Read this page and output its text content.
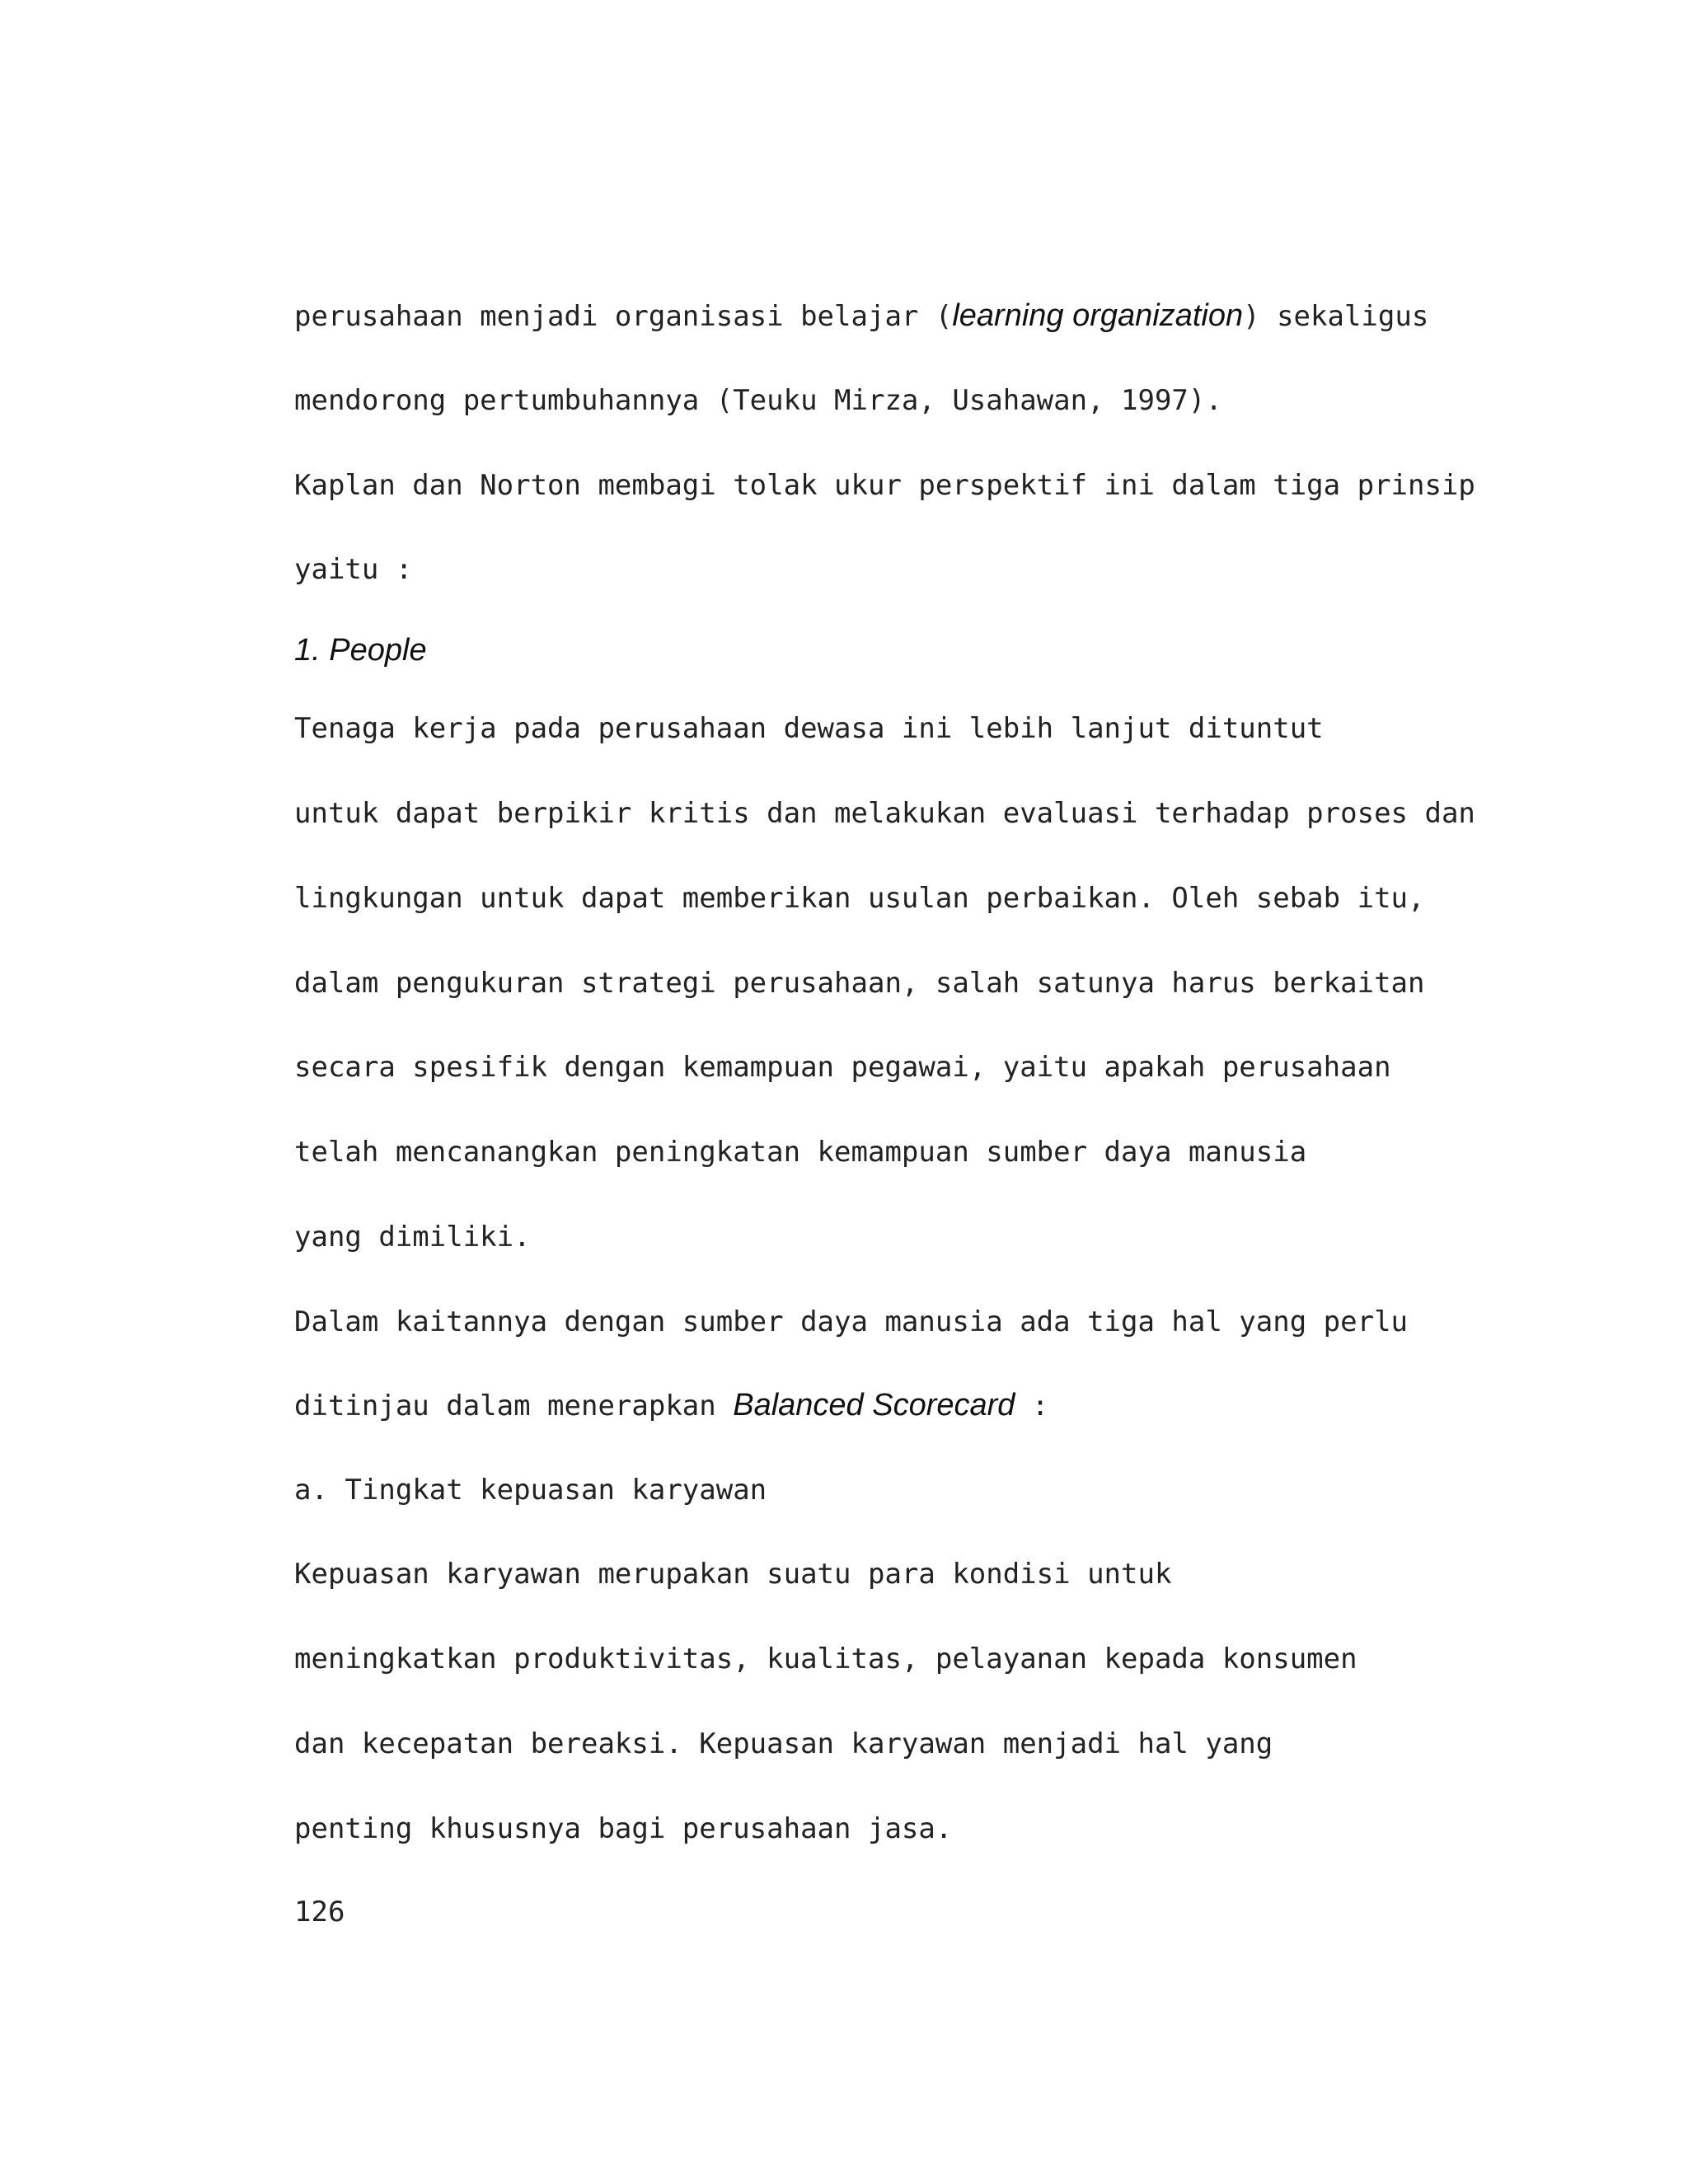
perusahaan menjadi organisasi belajar (learning organization) sekaligus
mendorong pertumbuhannya (Teuku Mirza, Usahawan, 1997).
Kaplan dan Norton membagi tolak ukur perspektif ini dalam tiga prinsip
yaitu :
1. People
Tenaga kerja pada perusahaan dewasa ini lebih lanjut dituntut
untuk dapat berpikir kritis dan melakukan evaluasi terhadap proses dan
lingkungan untuk dapat memberikan usulan perbaikan. Oleh sebab itu,
dalam pengukuran strategi perusahaan, salah satunya harus berkaitan
secara spesifik dengan kemampuan pegawai, yaitu apakah perusahaan
telah mencanangkan peningkatan kemampuan sumber daya manusia
yang dimiliki.
Dalam kaitannya dengan sumber daya manusia ada tiga hal yang perlu
ditinjau dalam menerapkan Balanced Scorecard :
a. Tingkat kepuasan karyawan
Kepuasan karyawan merupakan suatu para kondisi untuk
meningkatkan produktivitas, kualitas, pelayanan kepada konsumen
dan kecepatan bereaksi. Kepuasan karyawan menjadi hal yang
penting khususnya bagi perusahaan jasa.
126
